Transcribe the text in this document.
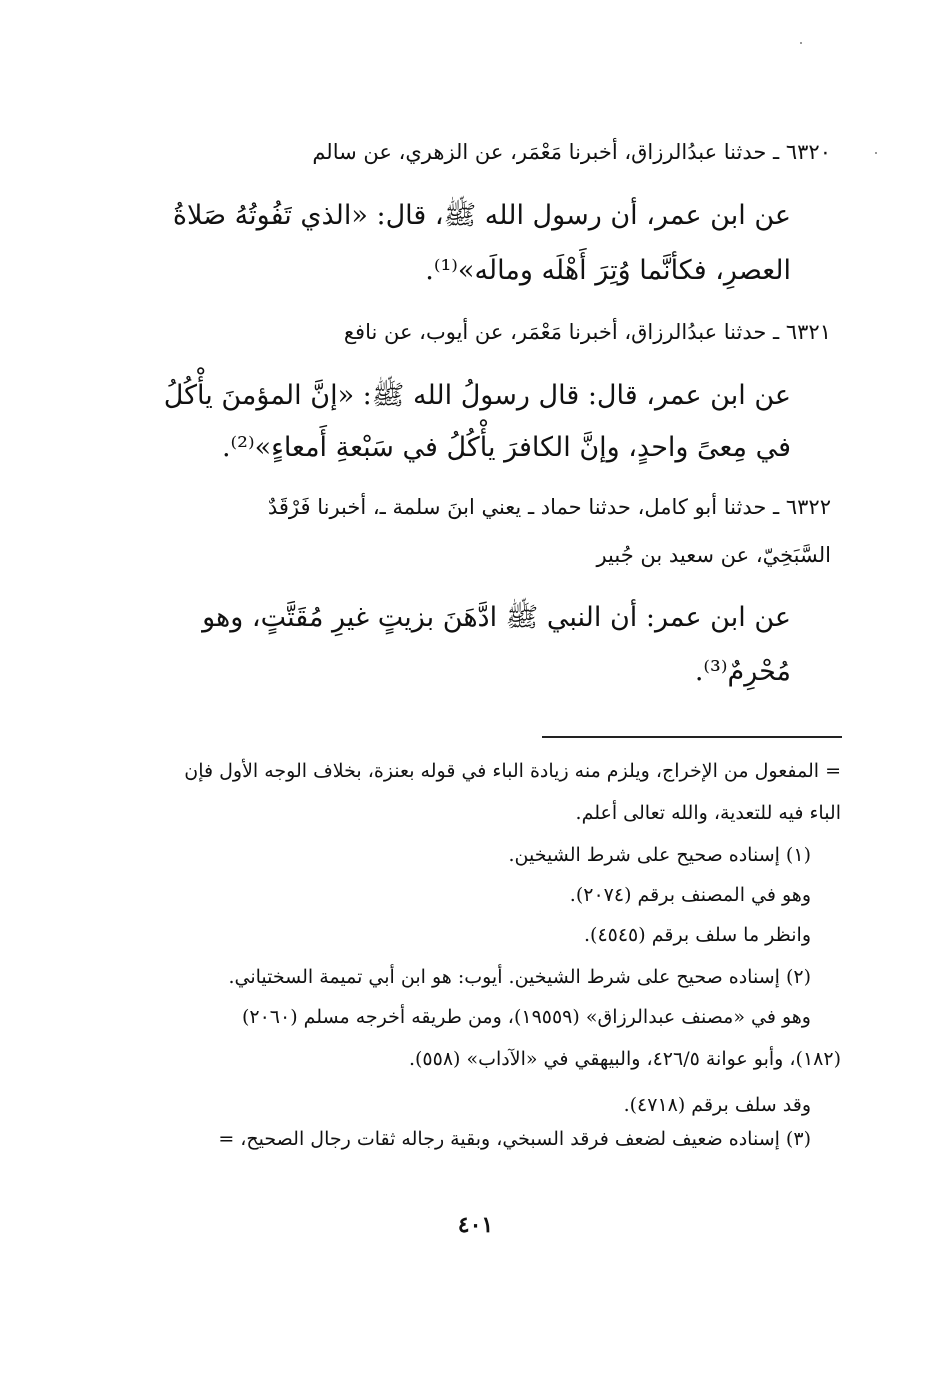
٦٣٢٠ ـ حدثنا عبدُالرزاق، أخبرنا مَعْمَر، عن الزهري، عن سالم
عن ابن عمر، أن رسول الله ﷺ، قال: «الذي تَفُوتُهُ صَلاةُ
العصرِ، فكأنَّما وُتِرَ أَهْلَه ومالَه»⁽¹⁾.
٦٣٢١ ـ حدثنا عبدُالرزاق، أخبرنا مَعْمَر، عن أيوب، عن نافع
عن ابن عمر، قال: قال رسولُ الله ﷺ: «إنَّ المؤمنَ يأْكُلُ
في مِعىً واحدٍ، وإنَّ الكافرَ يأْكُلُ في سَبْعةِ أَمعاءٍ»⁽²⁾.
٦٣٢٢ ـ حدثنا أبو كامل، حدثنا حماد ـ يعني ابنَ سلمة ـ، أخبرنا فَرْقَدٌ
السَّبَخِيّ، عن سعيد بن جُبير
عن ابن عمر: أن النبي ﷺ ادَّهَنَ بزيتٍ غيرِ مُقَتَّتٍ، وهو
مُحْرِمٌ⁽³⁾.
= المفعول من الإخراج، ويلزم منه زيادة الباء في قوله بعنزة، بخلاف الوجه الأول فإن
الباء فيه للتعدية، والله تعالى أعلم.
(١) إسناده صحيح على شرط الشيخين.
وهو في المصنف برقم (٢٠٧٤).
وانظر ما سلف برقم (٤٥٤٥).
(٢) إسناده صحيح على شرط الشيخين. أيوب: هو ابن أبي تميمة السختياني.
وهو في «مصنف عبدالرزاق» (١٩٥٥٩)، ومن طريقه أخرجه مسلم (٢٠٦٠)
(١٨٢)، وأبو عوانة ٤٢٦/٥، والبيهقي في «الآداب» (٥٥٨).
وقد سلف برقم (٤٧١٨).
(٣) إسناده ضعيف لضعف فرقد السبخي، وبقية رجاله ثقات رجال الصحيح، =
٤٠١
